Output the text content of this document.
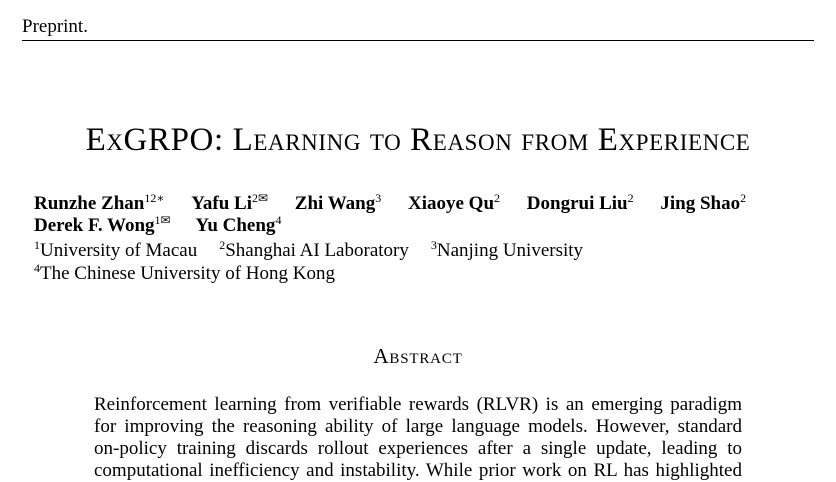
Preprint.
ExGRPO: Learning to Reason from Experience
Runzhe Zhan$^{12∗}$ Yafu $Li^{2✉}$ Zhi Wang$^3$ Xiaoye Qu$^2$ Dongrui Liu$^2$ Jing Shao$^2$
Derek F. Wong$^{1✉}$ Yu Cheng$^4$
$^1$University of Macau $^2$Shanghai AI Laboratory $^3$Nanjing University
$^4$The Chinese University of Hong Kong
Abstract
Reinforcement learning from verifiable rewards (RLVR) is an emerging paradigm
for improving the reasoning ability of large language models. However, standard
on-policy training discards rollout experiences after a single update, leading to
computational inefficiency and instability. While prior work on RL has highlighted
